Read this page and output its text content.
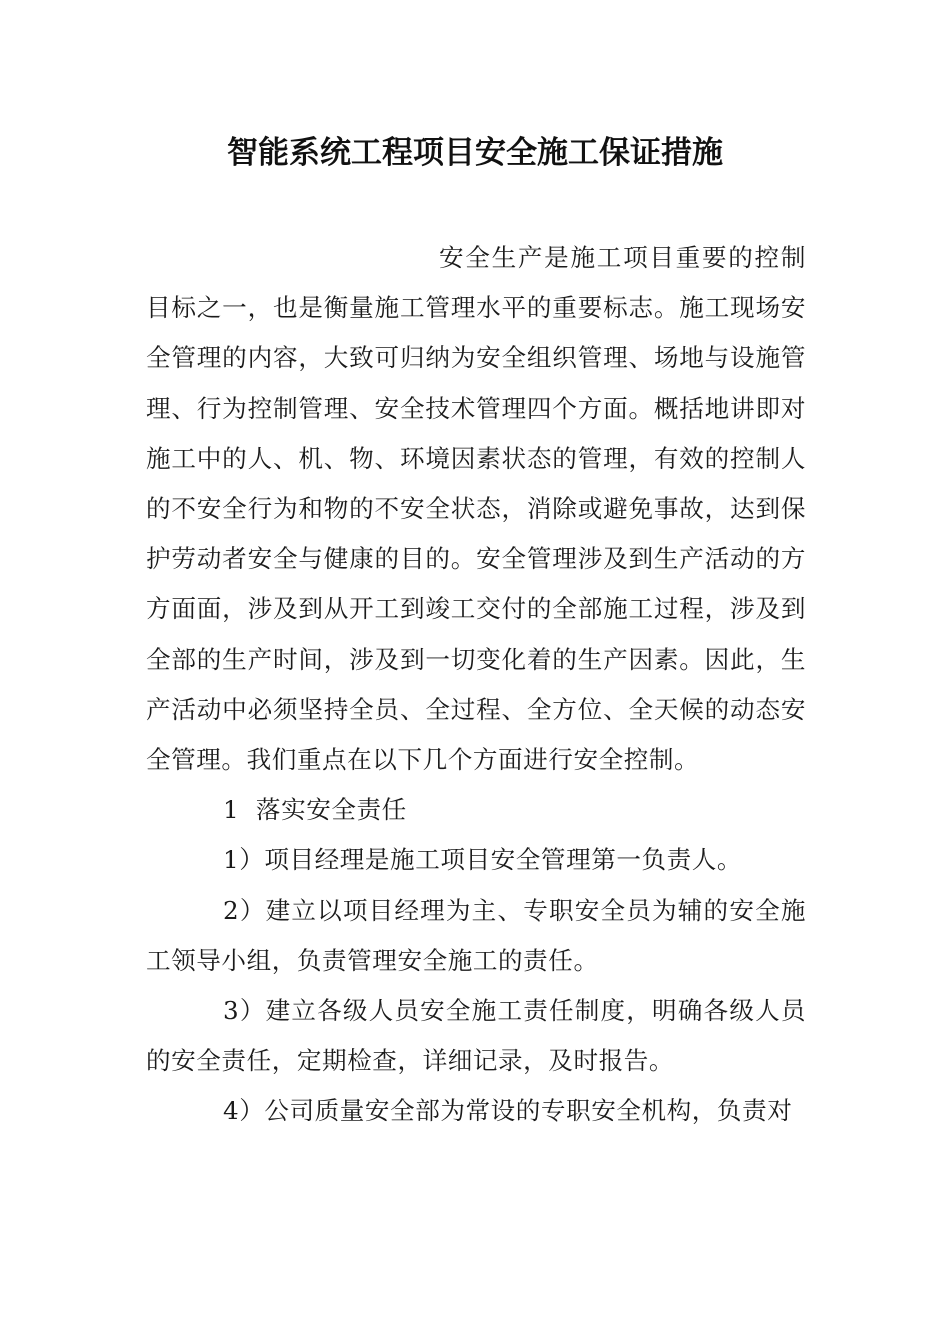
智能系统工程项目安全施工保证措施

安全生产是施工项目重要的控制目标之一，也是衡量施工管理水平的重要标志。施工现场安全管理的内容，大致可归纳为安全组织管理、场地与设施管理、行为控制管理、安全技术管理四个方面。概括地讲即对施工中的人、机、物、环境因素状态的管理，有效的控制人的不安全行为和物的不安全状态，消除或避免事故，达到保护劳动者安全与健康的目的。安全管理涉及到生产活动的方方面面，涉及到从开工到竣工交付的全部施工过程，涉及到全部的生产时间，涉及到一切变化着的生产因素。因此，生产活动中必须坚持全员、全过程、全方位、全天候的动态安全管理。我们重点在以下几个方面进行安全控制。

1  落实安全责任

1）项目经理是施工项目安全管理第一负责人。

2）建立以项目经理为主、专职安全员为辅的安全施工领导小组，负责管理安全施工的责任。

3）建立各级人员安全施工责任制度，明确各级人员的安全责任，定期检查，详细记录，及时报告。

4）公司质量安全部为常设的专职安全机构，负责对
